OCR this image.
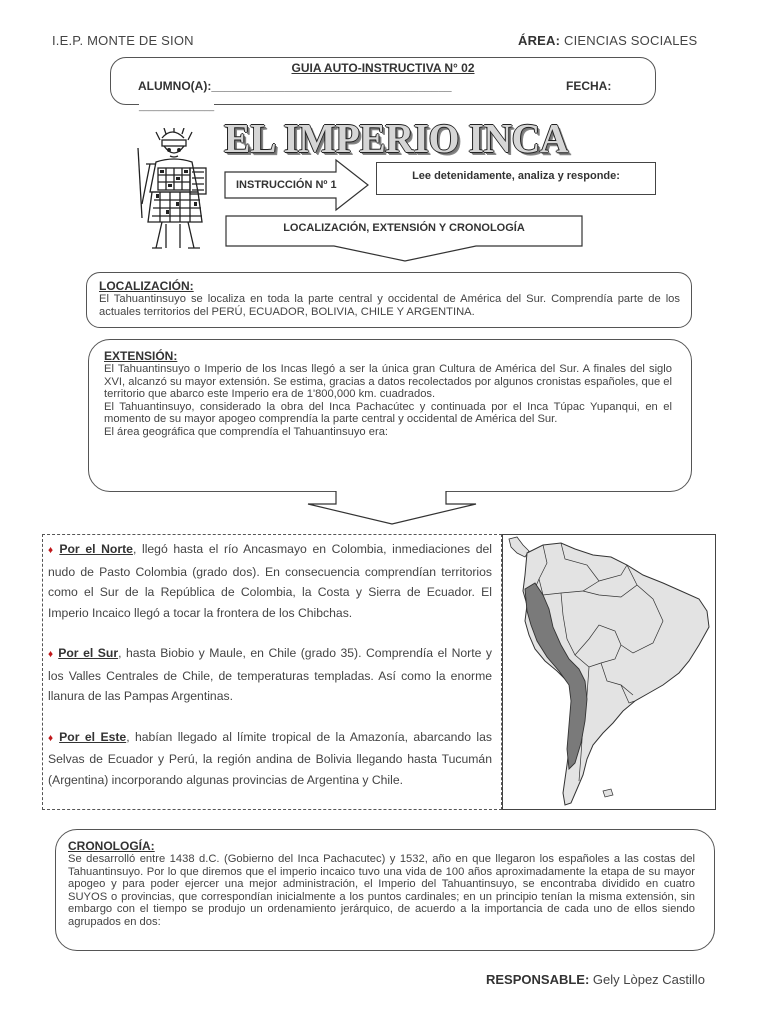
I.E.P. MONTE DE SION	ÁREA: CIENCIAS SOCIALES
GUIA AUTO-INSTRUCTIVA N° 02
ALUMNO(A):____________________________________	FECHA:
_______________
EL IMPERIO INCA
INSTRUCCIÓN Nº 1
Lee detenidamente, analiza y responde:
LOCALIZACIÓN, EXTENSIÓN Y CRONOLOGÍA
LOCALIZACIÓN:
El Tahuantinsuyo se localiza en toda la parte central y occidental de América del Sur. Comprendía parte de los actuales territorios del PERÚ, ECUADOR, BOLIVIA, CHILE Y ARGENTINA.
EXTENSIÓN:
El Tahuantinsuyo o Imperio de los Incas llegó a ser la única gran Cultura de América del Sur. A finales del siglo XVI, alcanzó su mayor extensión. Se estima, gracias a datos recolectados por algunos cronistas españoles, que el territorio que abarco este Imperio era de 1'800,000 km. cuadrados.
El Tahuantinsuyo, considerado la obra del Inca Pachacútec y continuada por el Inca Túpac Yupanqui, en el momento de su mayor apogeo comprendía la parte central y occidental de América del Sur.
El área geográfica que comprendía el Tahuantinsuyo era:
♦ Por el Norte, llegó hasta el río Ancasmayo en Colombia, inmediaciones del nudo de Pasto Colombia (grado dos). En consecuencia comprendían territorios como el Sur de la República de Colombia, la Costa y Sierra de Ecuador. El Imperio Incaico llegó a tocar la frontera de los Chibchas.
♦ Por el Sur, hasta Biobio y Maule, en Chile (grado 35). Comprendía el Norte y los Valles Centrales de Chile, de temperaturas templadas. Así como la enorme llanura de las Pampas Argentinas.
♦ Por el Este, habían llegado al límite tropical de la Amazonía, abarcando las Selvas de Ecuador y Perú, la región andina de Bolivia llegando hasta Tucumán (Argentina) incorporando algunas provincias de Argentina y Chile.
CRONOLOGÍA:
Se desarrolló entre 1438 d.C. (Gobierno del Inca Pachacutec) y 1532, año en que llegaron los españoles a las costas del Tahuantinsuyo. Por lo que diremos que el imperio incaico tuvo una vida de 100 años aproximadamente la etapa de su mayor apogeo y para poder ejercer una mejor administración, el Imperio del Tahuantinsuyo, se encontraba dividido en cuatro SUYOS o provincias, que correspondían inicialmente a los puntos cardinales; en un principio tenían la misma extensión, sin embargo con el tiempo se produjo un ordenamiento jerárquico, de acuerdo a la importancia de cada uno de ellos siendo agrupados en dos:
RESPONSABLE: Gely Lòpez Castillo
